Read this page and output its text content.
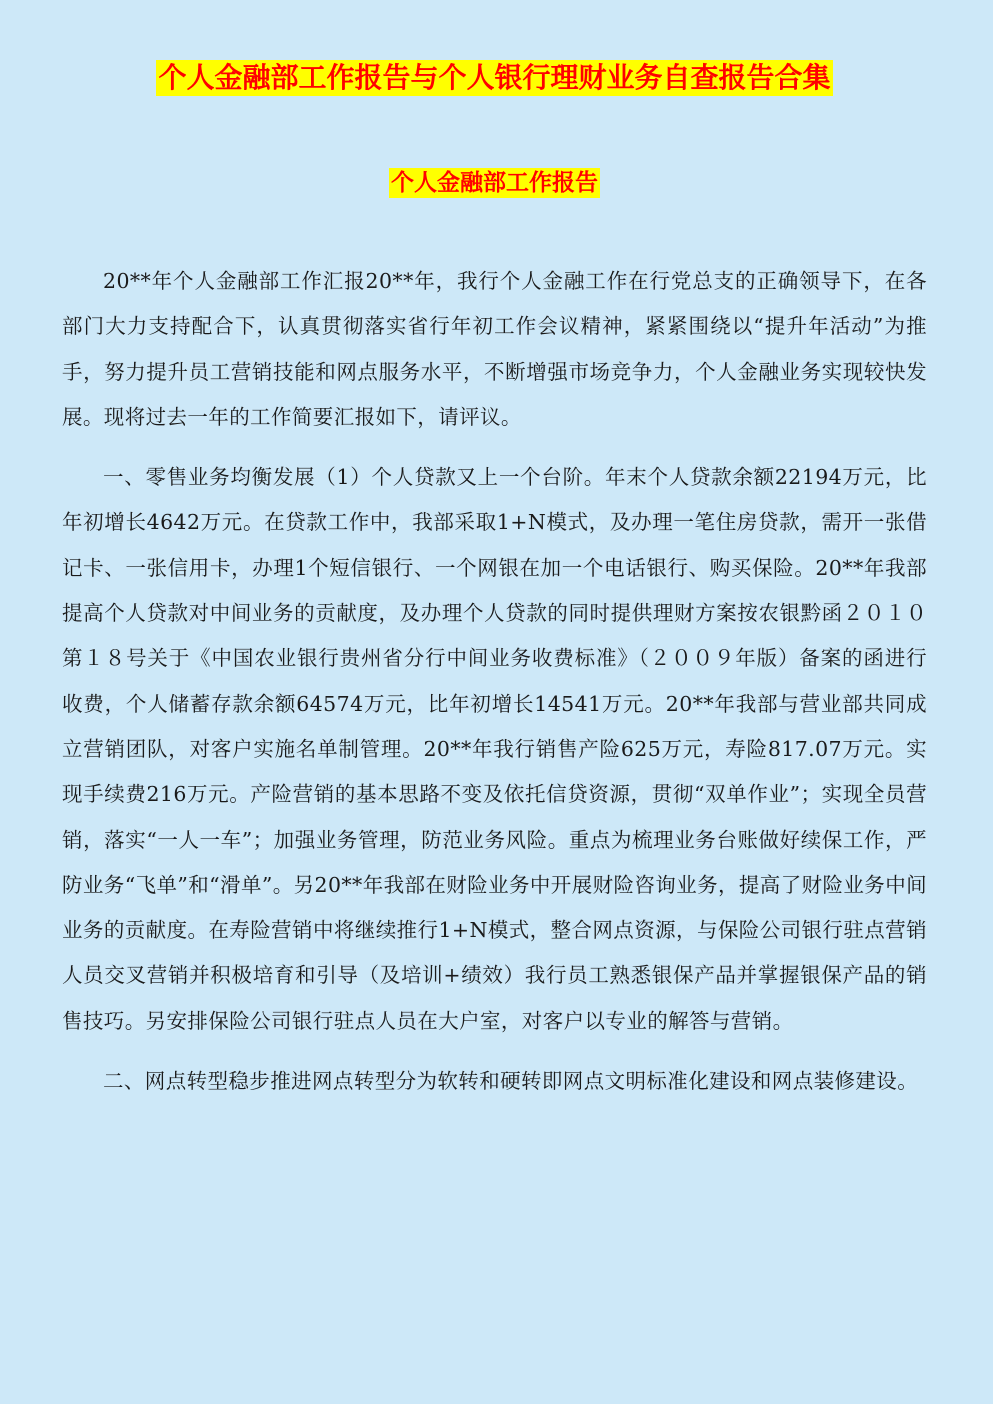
个人金融部工作报告与个人银行理财业务自查报告合集
个人金融部工作报告

20**年个人金融部工作汇报20**年，我行个人金融工作在行党总支的正确领导下，在各部门大力支持配合下，认真贯彻落实省行年初工作会议精神，紧紧围绕以“提升年活动”为推手，努力提升员工营销技能和网点服务水平，不断增强市场竞争力，个人金融业务实现较快发展。现将过去一年的工作简要汇报如下，请评议。

一、零售业务均衡发展（1）个人贷款又上一个台阶。年末个人贷款余额22194万元，比年初增长4642万元。在贷款工作中，我部采取1+N模式，及办理一笔住房贷款，需开一张借记卡、一张信用卡，办理1个短信银行、一个网银在加一个电话银行、购买保险。20**年我部提高个人贷款对中间业务的贡献度，及办理个人贷款的同时提供理财方案按农银黔函２０１０第１８号关于《中国农业银行贵州省分行中间业务收费标准》（２００９年版）备案的函进行收费，个人储蓄存款余额64574万元，比年初增长14541万元。20**年我部与营业部共同成立营销团队，对客户实施名单制管理。20**年我行销售产险625万元，寿险817.07万元。实现手续费216万元。产险营销的基本思路不变及依托信贷资源，贯彻“双单作业”；实现全员营销，落实“一人一车”；加强业务管理，防范业务风险。重点为梳理业务台账做好续保工作，严防业务“飞单”和“滑单”。另20**年我部在财险业务中开展财险咨询业务，提高了财险业务中间业务的贡献度。在寿险营销中将继续推行1+N模式，整合网点资源，与保险公司银行驻点营销人员交叉营销并积极培育和引导（及培训+绩效）我行员工熟悉银保产品并掌握银保产品的销售技巧。另安排保险公司银行驻点人员在大户室，对客户以专业的解答与营销。

二、网点转型稳步推进网点转型分为软转和硬转即网点文明标准化建设和网点装修建设。
